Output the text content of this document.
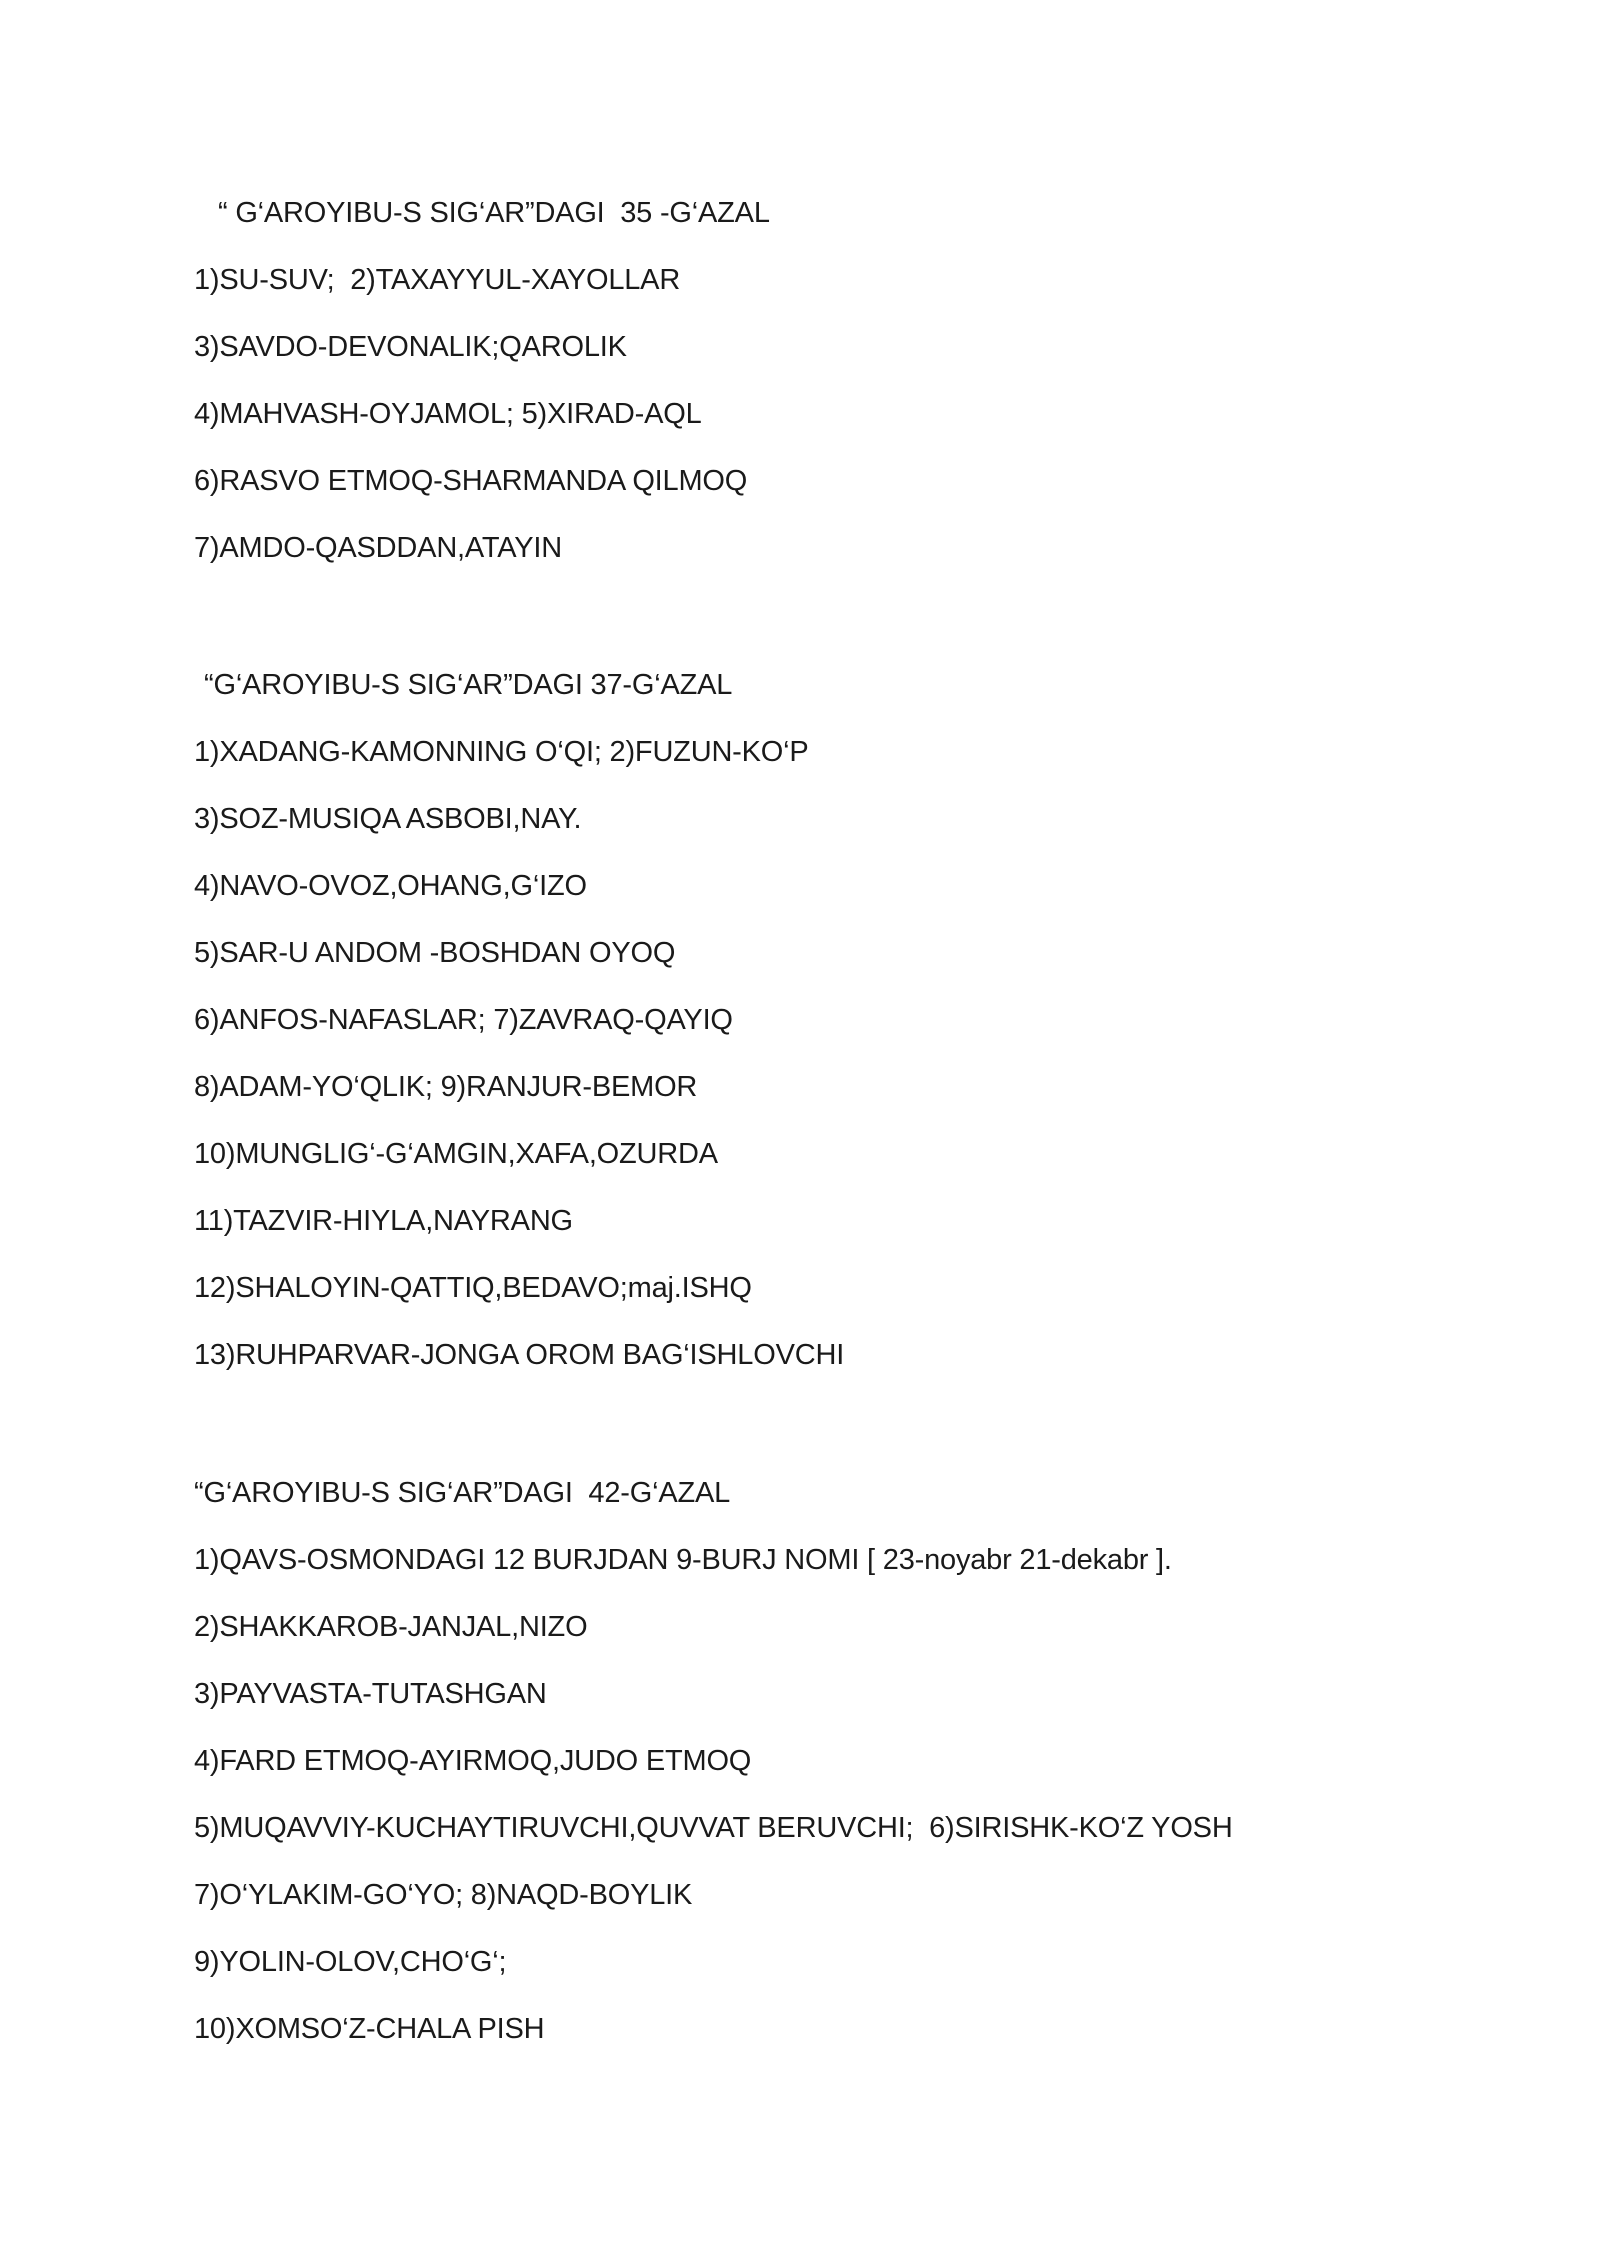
“ G‘AROYIBU-S SIG‘AR”DAGI  35 -G‘AZAL
1)SU-SUV;  2)TAXAYYUL-XAYOLLAR
3)SAVDO-DEVONALIK;QAROLIK
4)MAHVASH-OYJAMOL; 5)XIRAD-AQL
6)RASVO ETMOQ-SHARMANDA QILMOQ
7)AMDO-QASDDAN,ATAYIN
“G‘AROYIBU-S SIG‘AR”DAGI 37-G‘AZAL
1)XADANG-KAMONNING O‘QI; 2)FUZUN-KO‘P
3)SOZ-MUSIQA ASBOBI,NAY.
4)NAVO-OVOZ,OHANG,G‘IZO
5)SAR-U ANDOM -BOSHDAN OYOQ
6)ANFOS-NAFASLAR; 7)ZAVRAQ-QAYIQ
8)ADAM-YO‘QLIK; 9)RANJUR-BEMOR
10)MUNGLIG‘-G‘AMGIN,XAFA,OZURDA
11)TAZVIR-HIYLA,NAYRANG
12)SHALOYIN-QATTIQ,BEDAVO;maj.ISHQ
13)RUHPARVAR-JONGA OROM BAG‘ISHLOVCHI
“G‘AROYIBU-S SIG‘AR”DAGI  42-G‘AZAL
1)QAVS-OSMONDAGI 12 BURJDAN 9-BURJ NOMI [ 23-noyabr 21-dekabr ].
2)SHAKKAROB-JANJAL,NIZO
3)PAYVASTA-TUTASHGAN
4)FARD ETMOQ-AYIRMOQ,JUDO ETMOQ
5)MUQAVVIY-KUCHAYTIRUVCHI,QUVVAT BERUVCHI;  6)SIRISHK-KO‘Z YOSH
7)O‘YLAKIM-GO‘YO; 8)NAQD-BOYLIK
9)YOLIN-OLOV,CHO‘G‘;
10)XOMSO‘Z-CHALA PISH
